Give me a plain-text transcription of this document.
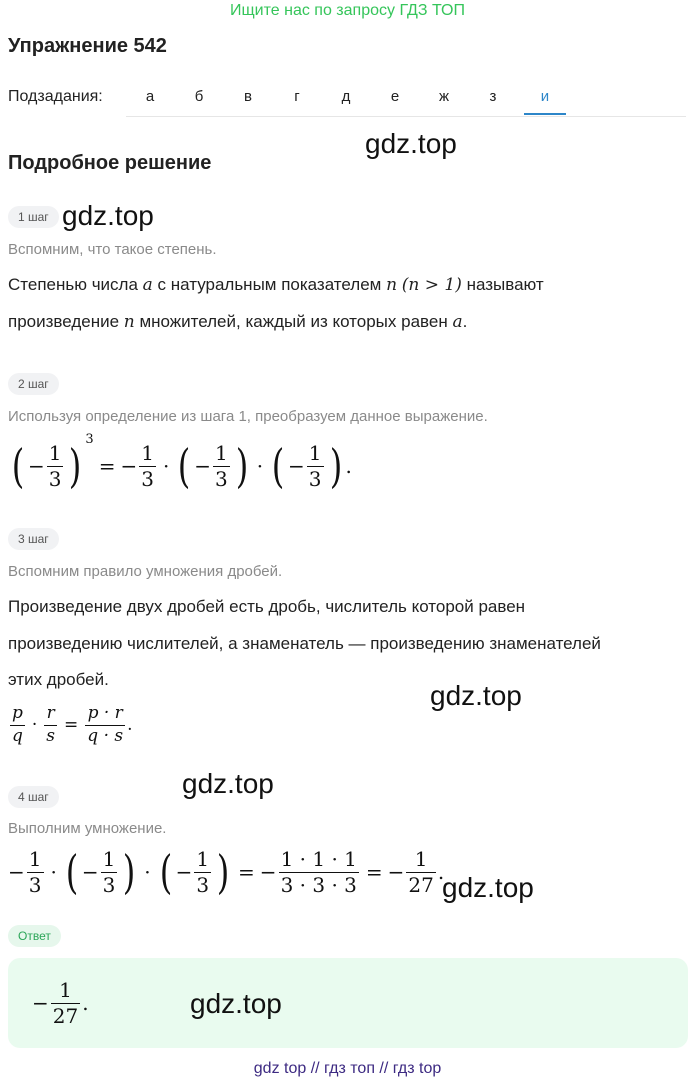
Ищите нас по запросу ГДЗ ТОП
Упражнение 542
Подзадания:	а	б	в	г	д	е	ж	з	и
gdz.top
Подробное решение
1 шаг gdz.top
Вспомним, что такое степень.
Степенью числа a с натуральным показателем n (n > 1) называют
произведение n множителей, каждый из которых равен a.
2 шаг
Используя определение из шага 1, преобразуем данное выражение.
( − $\frac{1}{3}$ ) 3
= − $\frac{1}{3}$ · ( − $\frac{1}{3}$ ) · ( − $\frac{1}{3}$ ) .
3 шаг
Вспомним правило умножения дробей.
Произведение двух дробей есть дробь, числитель которой равен
произведению числителей, а знаменатель — произведению знаменателей
этих дробей.
gdz.top
$\frac{p}{q} \cdot \frac{r}{s} = \frac{p \cdot r}{q \cdot s}$ .
gdz.top
4 шаг
Выполним умножение.
− $\frac{1}{3}$ · ( − $\frac{1}{3}$ ) · ( − $\frac{1}{3}$ ) = − $\frac{1 \cdot 1 \cdot 1}{3 \cdot 3 \cdot 3}$ = − $\frac{1}{27}$ .
gdz.top
Ответ
− $\frac{1}{27}$ .	gdz.top
gdz top // гдз топ // гдз top
